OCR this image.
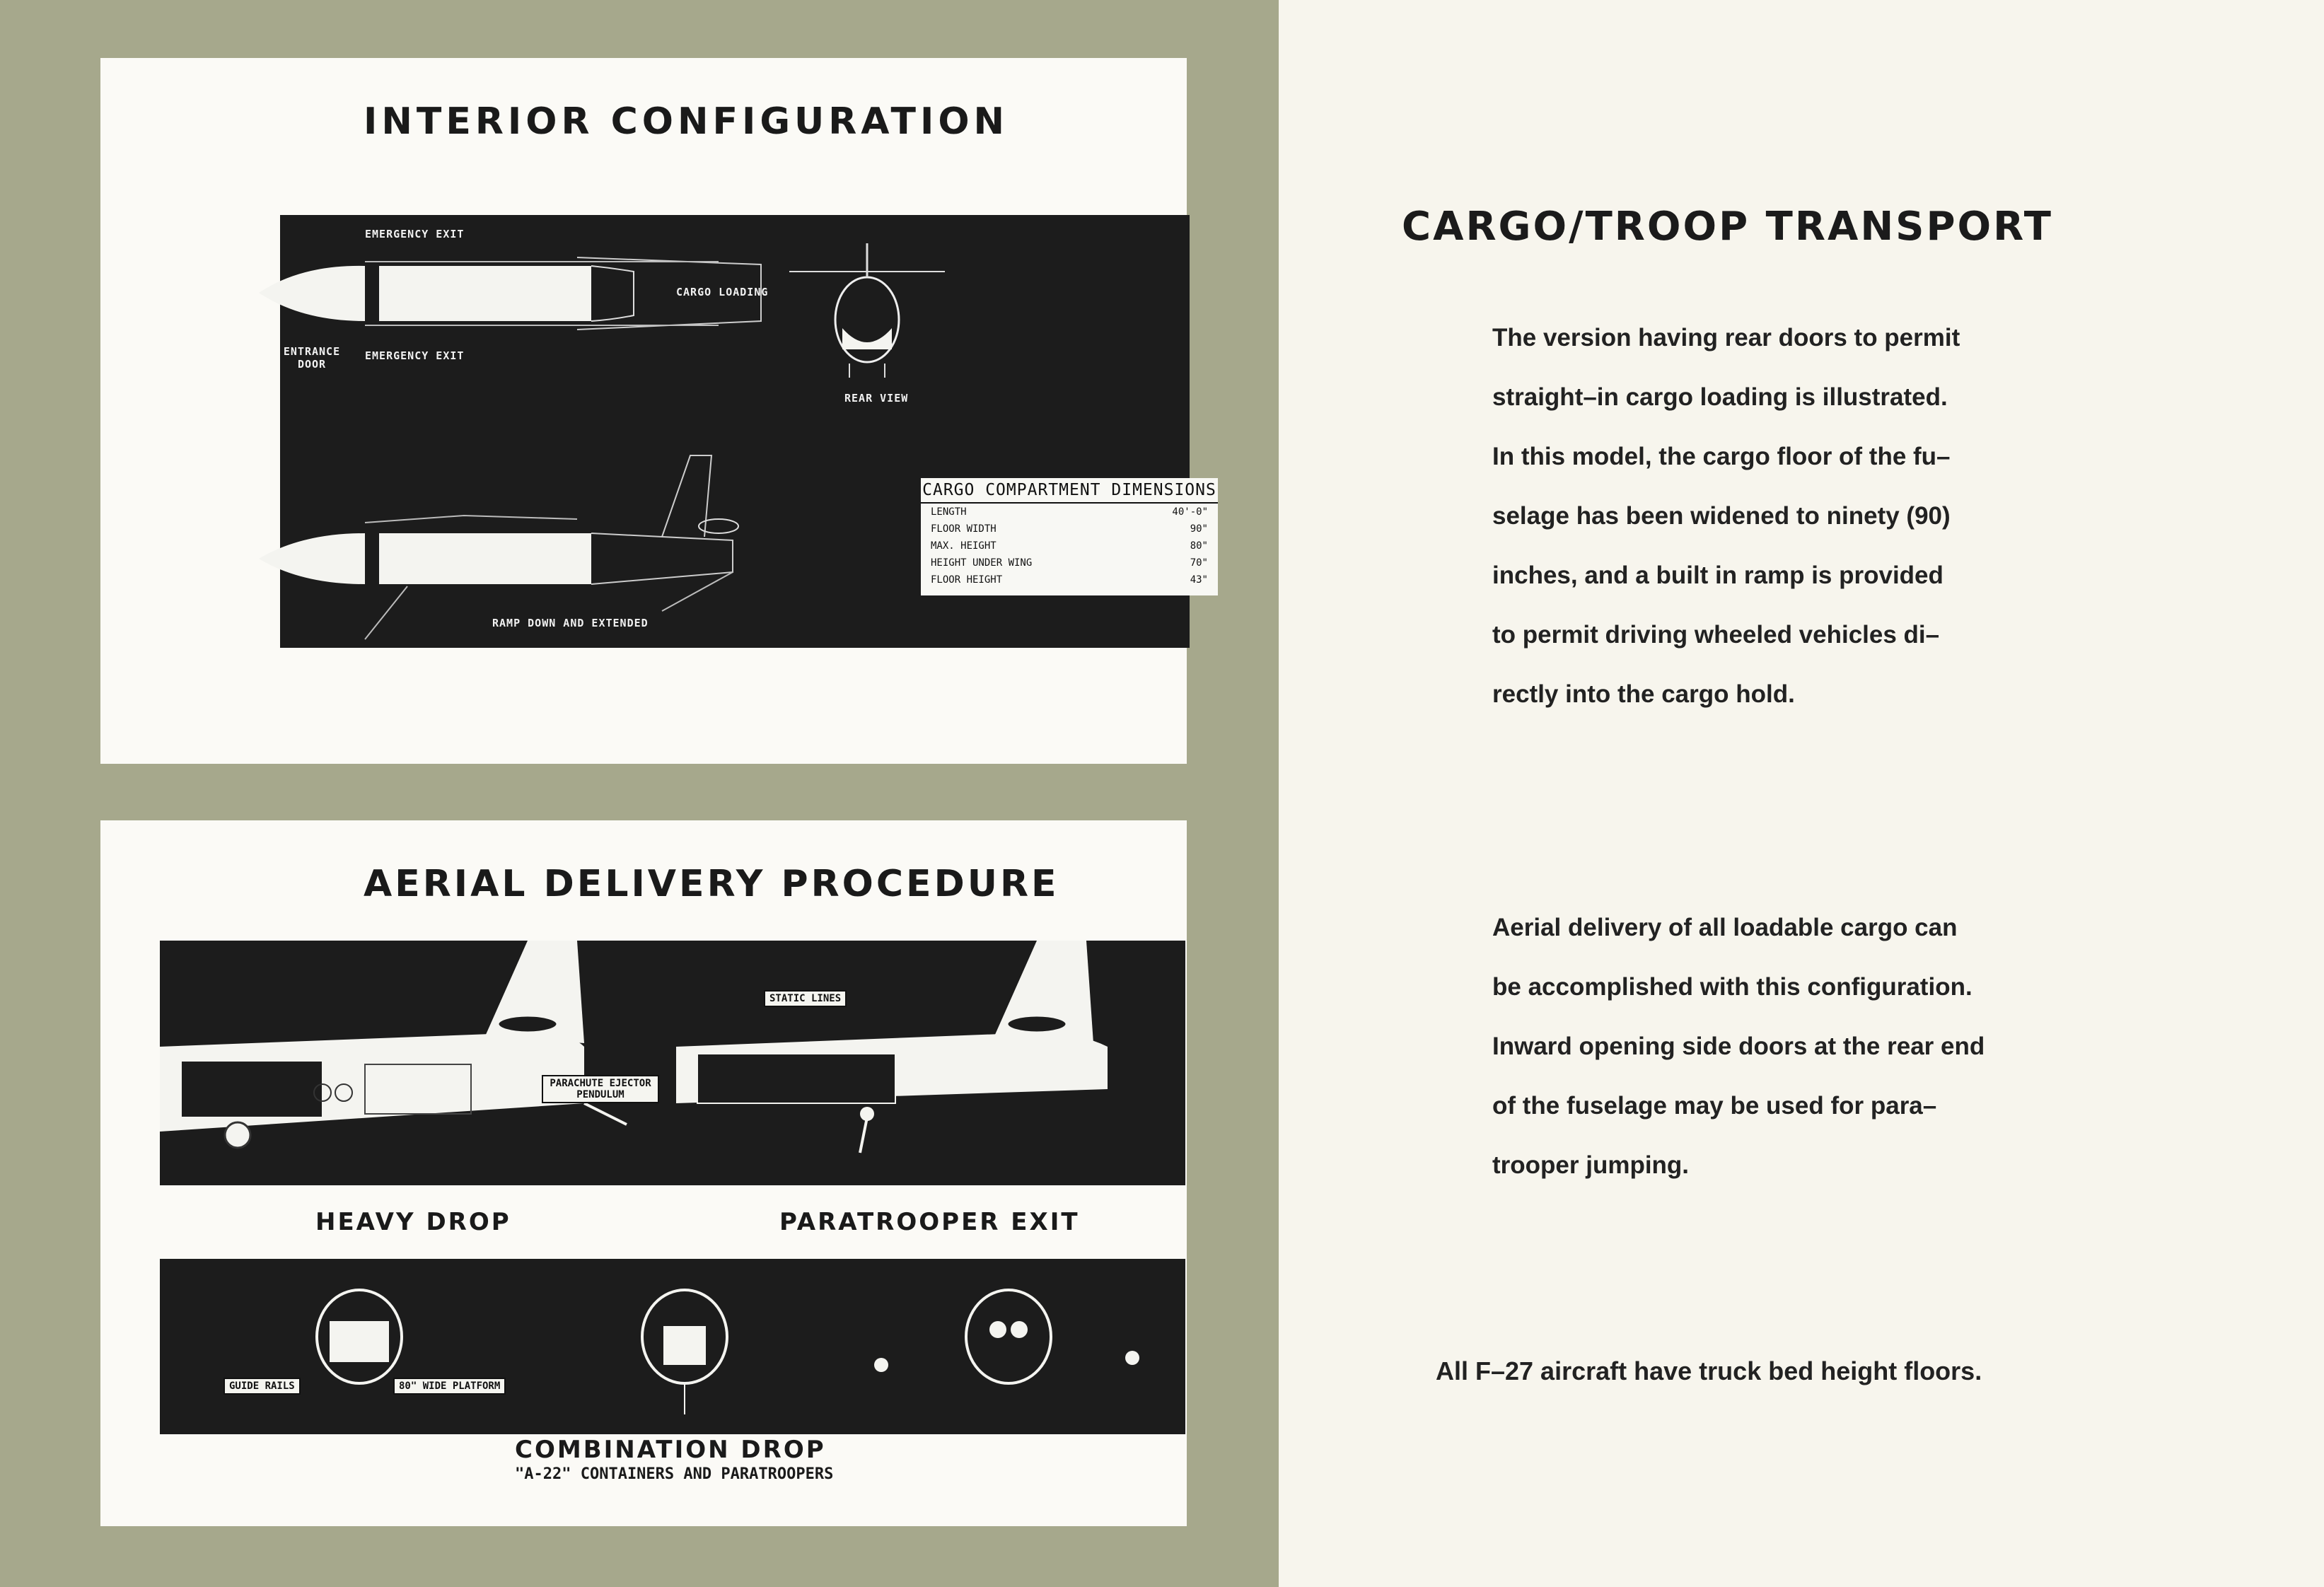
INTERIOR CONFIGURATION
EMERGENCY EXIT
CARGO LOADING
ENTRANCE DOOR
EMERGENCY EXIT
REAR VIEW
RAMP DOWN AND EXTENDED
CARGO COMPARTMENT DIMENSIONS
LENGTH	40'-0"
FLOOR WIDTH	90"
MAX. HEIGHT	80"
HEIGHT UNDER WING	70"
FLOOR HEIGHT	43"
AERIAL DELIVERY PROCEDURE
STATIC LINES
PARACHUTE EJECTOR PENDULUM
HEAVY DROP	PARATROOPER EXIT
GUIDE RAILS	80" WIDE PLATFORM
COMBINATION DROP
"A-22" CONTAINERS AND PARATROOPERS
CARGO/TROOP TRANSPORT
The version having rear doors to permit
straight–in cargo loading is illustrated.
In this model, the cargo floor of the fu–
selage has been widened to ninety (90)
inches, and a built in ramp is provided
to permit driving wheeled vehicles di–
rectly into the cargo hold.
Aerial delivery of all loadable cargo can
be accomplished with this configuration.
Inward opening side doors at the rear end
of the fuselage may be used for para–
trooper jumping.
All F–27 aircraft have truck bed height floors.
